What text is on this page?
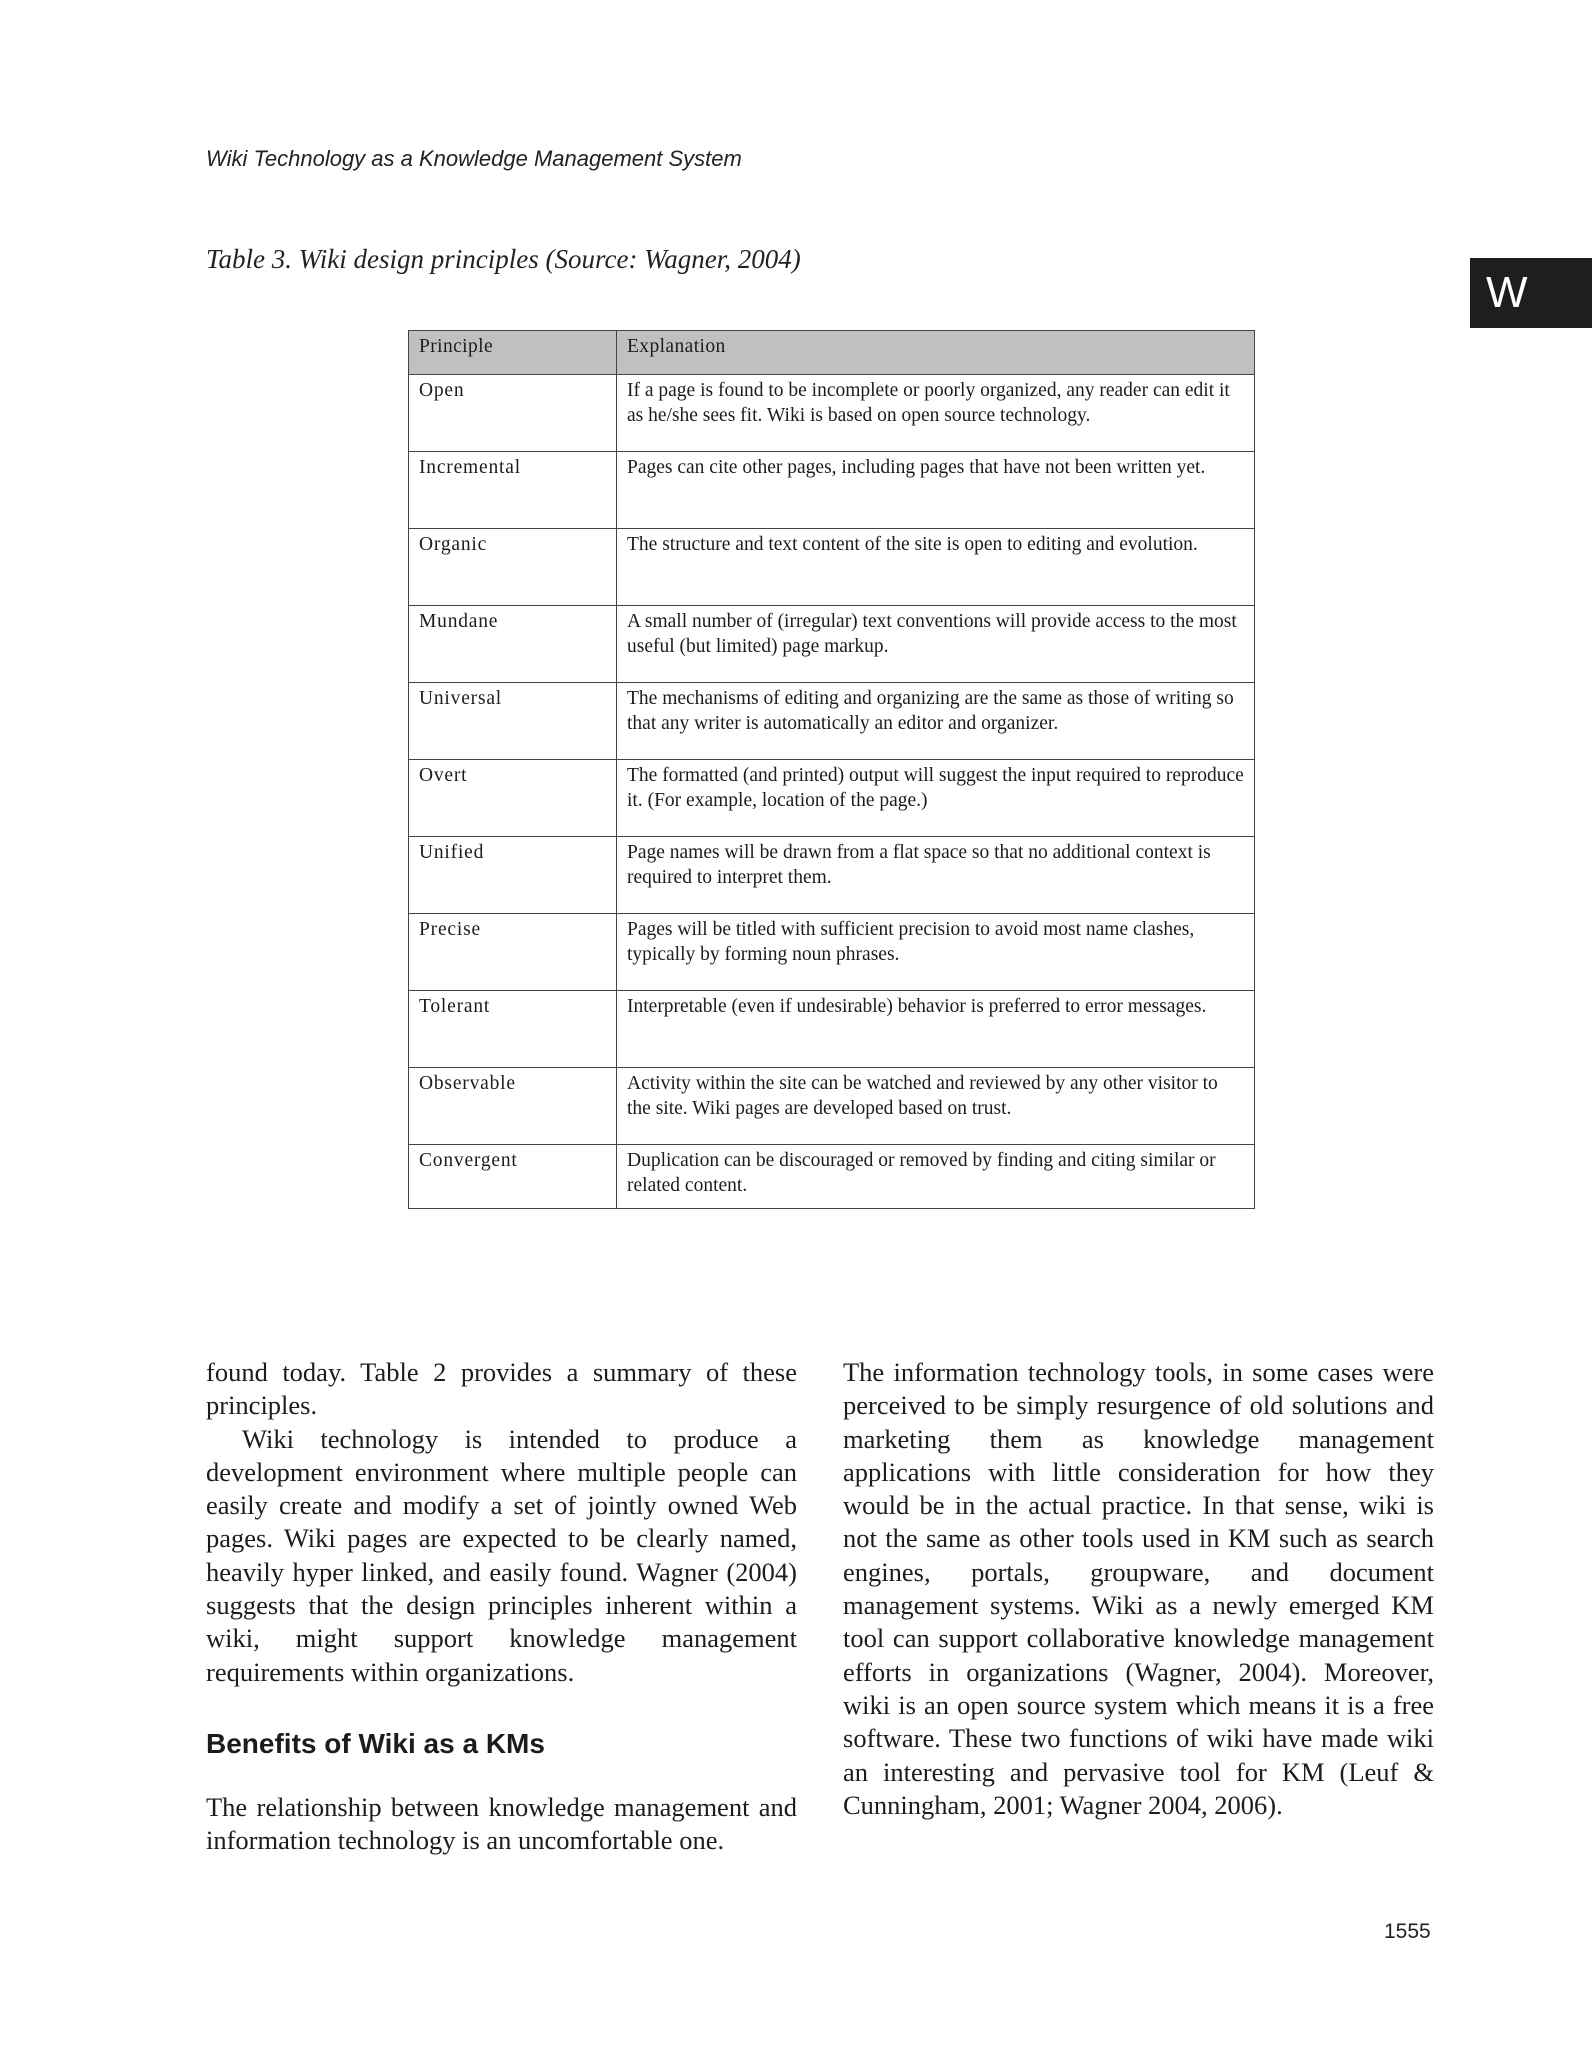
Wiki Technology as a Knowledge Management System
W
Table 3. Wiki design principles (Source: Wagner, 2004)
Principle	Explanation
Open	If a page is found to be incomplete or poorly organized, any reader can edit it as he/she sees fit. Wiki is based on open source technology.
Incremental	Pages can cite other pages, including pages that have not been written yet.
Organic	The structure and text content of the site is open to editing and evolution.
Mundane	A small number of (irregular) text conventions will provide access to the most useful (but limited) page markup.
Universal	The mechanisms of editing and organizing are the same as those of writing so that any writer is automatically an editor and organizer.
Overt	The formatted (and printed) output will suggest the input required to reproduce it. (For example, location of the page.)
Unified	Page names will be drawn from a flat space so that no additional context is required to interpret them.
Precise	Pages will be titled with sufficient precision to avoid most name clashes, typically by forming noun phrases.
Tolerant	Interpretable (even if undesirable) behavior is preferred to error messages.
Observable	Activity within the site can be watched and reviewed by any other visitor to the site. Wiki pages are developed based on trust.
Convergent	Duplication can be discouraged or removed by finding and citing similar or related content.

found today. Table 2 provides a summary of these principles.

Wiki technology is intended to produce a development environment where multiple people can easily create and modify a set of jointly owned Web pages. Wiki pages are expected to be clearly named, heavily hyper linked, and easily found. Wagner (2004) suggests that the design principles inherent within a wiki, might support knowledge management requirements within organizations.

Benefits of Wiki as a KMs

The relationship between knowledge management and information technology is an uncomfortable one.

The information technology tools, in some cases were perceived to be simply resurgence of old solutions and marketing them as knowledge management applications with little consideration for how they would be in the actual practice. In that sense, wiki is not the same as other tools used in KM such as search engines, portals, groupware, and document management systems. Wiki as a newly emerged KM tool can support collaborative knowledge management efforts in organizations (Wagner, 2004). Moreover, wiki is an open source system which means it is a free software. These two functions of wiki have made wiki an interesting and pervasive tool for KM (Leuf & Cunningham, 2001; Wagner 2004, 2006).

1555
